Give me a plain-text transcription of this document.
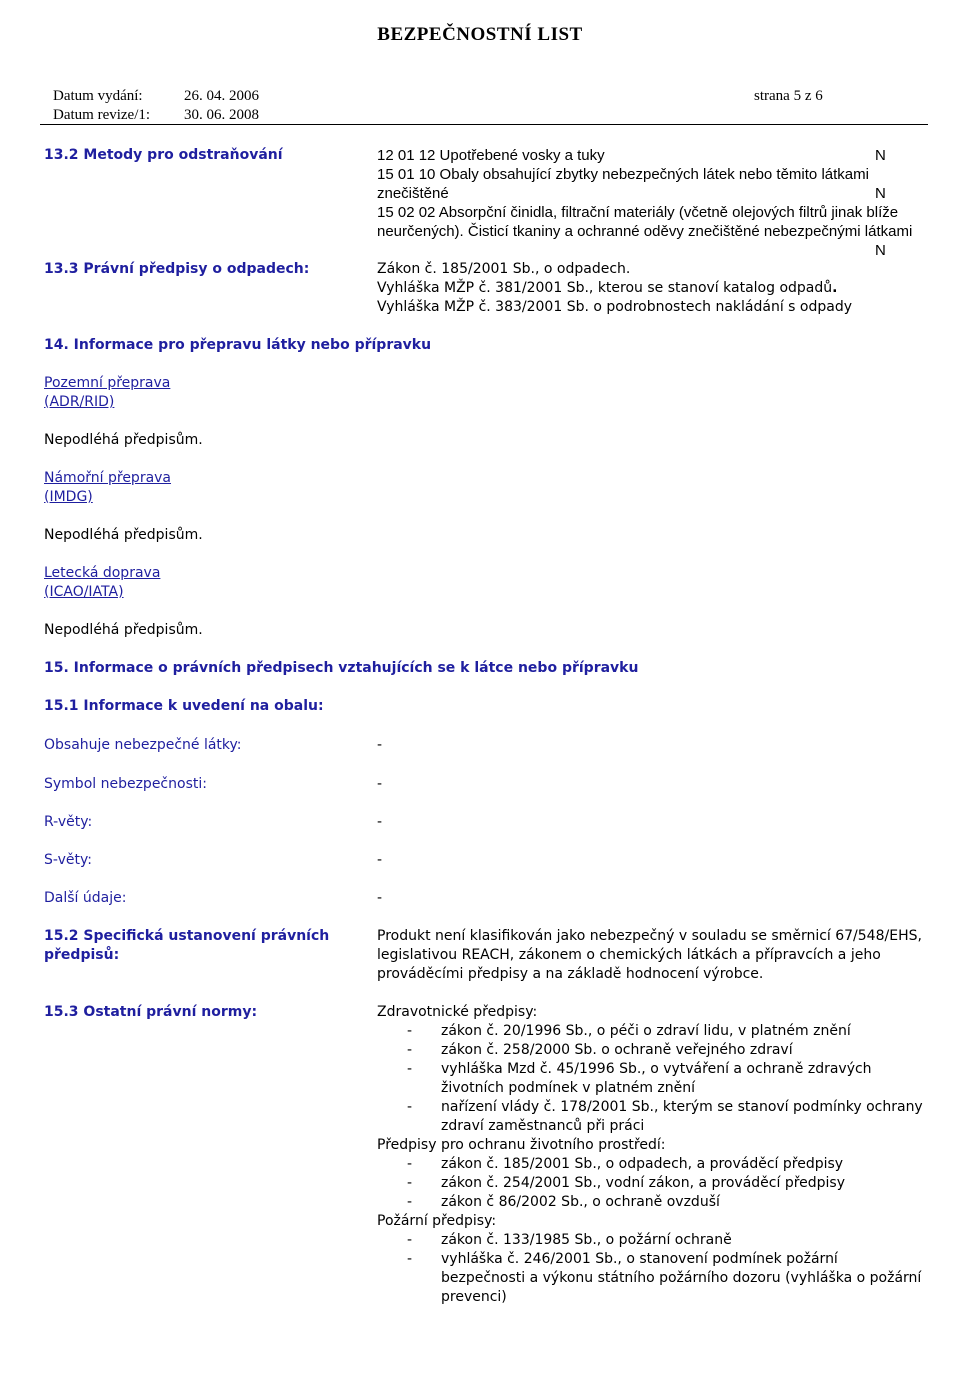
BEZPEČNOSTNÍ LIST
Datum vydání:	26. 04. 2006	strana 5 z 6
Datum revize/1: 30. 06. 2008
13.2 Metody pro odstraňování	12 01 12 Upotřebené vosky a tuky	N
15 01 10 Obaly obsahující zbytky nebezpečných látek nebo těmito látkami
znečištěné	N
15 02 02 Absorpční činidla, filtrační materiály (včetně olejových filtrů jinak blíže
neurčených). Čisticí tkaniny a ochranné oděvy znečištěné nebezpečnými látkami
N
13.3 Právní předpisy o odpadech:	Zákon č. 185/2001 Sb., o odpadech.
Vyhláška MŽP č. 381/2001 Sb., kterou se stanoví katalog odpadů.
Vyhláška MŽP č. 383/2001 Sb. o podrobnostech nakládání s odpady
14. Informace pro přepravu látky nebo přípravku
Pozemní přeprava
(ADR/RID)
Nepodléhá předpisům.
Námořní přeprava
(IMDG)
Nepodléhá předpisům.
Letecká doprava
(ICAO/IATA)
Nepodléhá předpisům.
15. Informace o právních předpisech vztahujících se k látce nebo přípravku
15.1 Informace k uvedení na obalu:
Obsahuje nebezpečné látky:	-
Symbol nebezpečnosti:	-
R-věty:	-
S-věty:	-
Další údaje:	-
15.2 Specifická ustanovení právních
předpisů:
Produkt není klasifikován jako nebezpečný v souladu se směrnicí 67/548/EHS,
legislativou REACH, zákonem o chemických látkách a přípravcích a jeho
prováděcími předpisy a na základě hodnocení výrobce.
15.3 Ostatní právní normy:	Zdravotnické předpisy:
- zákon č. 20/1996 Sb., o péči o zdraví lidu, v platném znění
- zákon č. 258/2000 Sb. o ochraně veřejného zdraví
- vyhláška Mzd č. 45/1996 Sb., o vytváření a ochraně zdravých
životních podmínek v platném znění
- nařízení vlády č. 178/2001 Sb., kterým se stanoví podmínky ochrany
zdraví zaměstnanců při práci
Předpisy pro ochranu životního prostředí:
- zákon č. 185/2001 Sb., o odpadech, a prováděcí předpisy
- zákon č. 254/2001 Sb., vodní zákon, a prováděcí předpisy
- zákon č 86/2002 Sb., o ochraně ovzduší
Požární předpisy:
- zákon č. 133/1985 Sb., o požární ochraně
- vyhláška č. 246/2001 Sb., o stanovení podmínek požární
bezpečnosti a výkonu státního požárního dozoru (vyhláška o požární
prevenci)
